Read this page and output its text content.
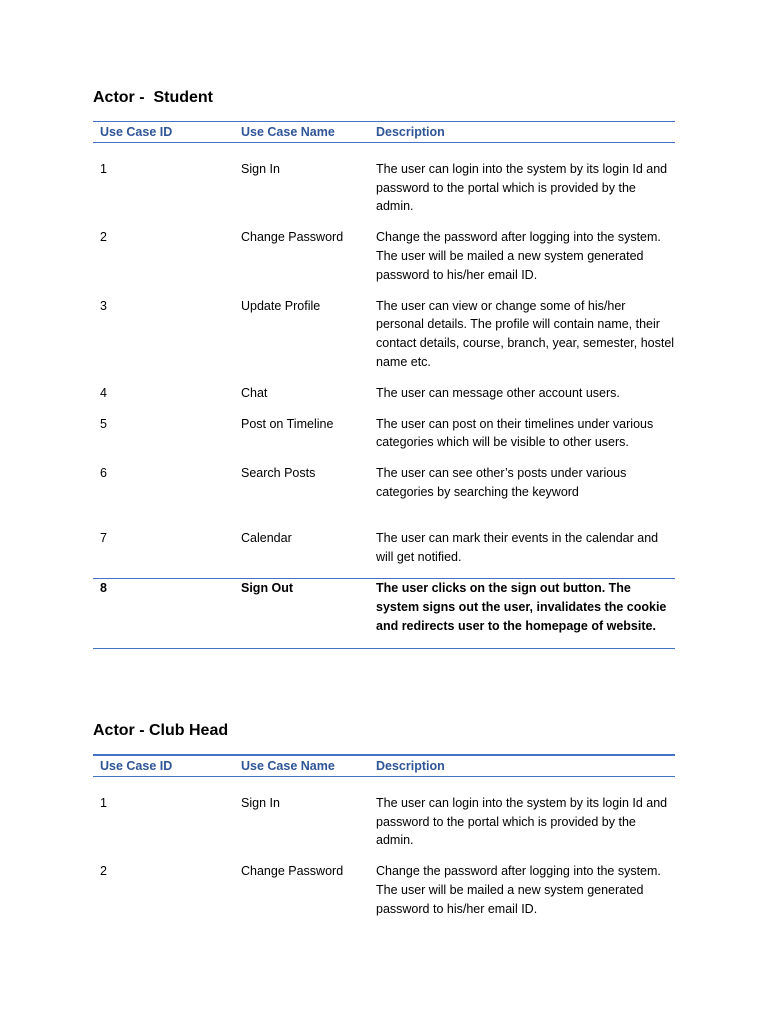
Actor -  Student
Use Case ID	Use Case Name	Description
1	Sign In	The user can login into the system by its login Id and password to the portal which is provided by the admin.
2	Change Password	Change the password after logging into the system. The user will be mailed a new system generated password to his/her email ID.
3	Update Profile	The user can view or change some of his/her personal details. The profile will contain name, their contact details, course, branch, year, semester, hostel name etc.
4	Chat	The user can message other account users.
5	Post on Timeline	The user can post on their timelines under various categories which will be visible to other users.
6	Search Posts	The user can see other’s posts under various categories by searching the keyword
7	Calendar	The user can mark their events in the calendar and will get notified.
8	Sign Out	The user clicks on the sign out button. The system signs out the user, invalidates the cookie and redirects user to the homepage of website.
Actor - Club Head
Use Case ID	Use Case Name	Description
1	Sign In	The user can login into the system by its login Id and password to the portal which is provided by the admin.
2	Change Password	Change the password after logging into the system. The user will be mailed a new system generated password to his/her email ID.
